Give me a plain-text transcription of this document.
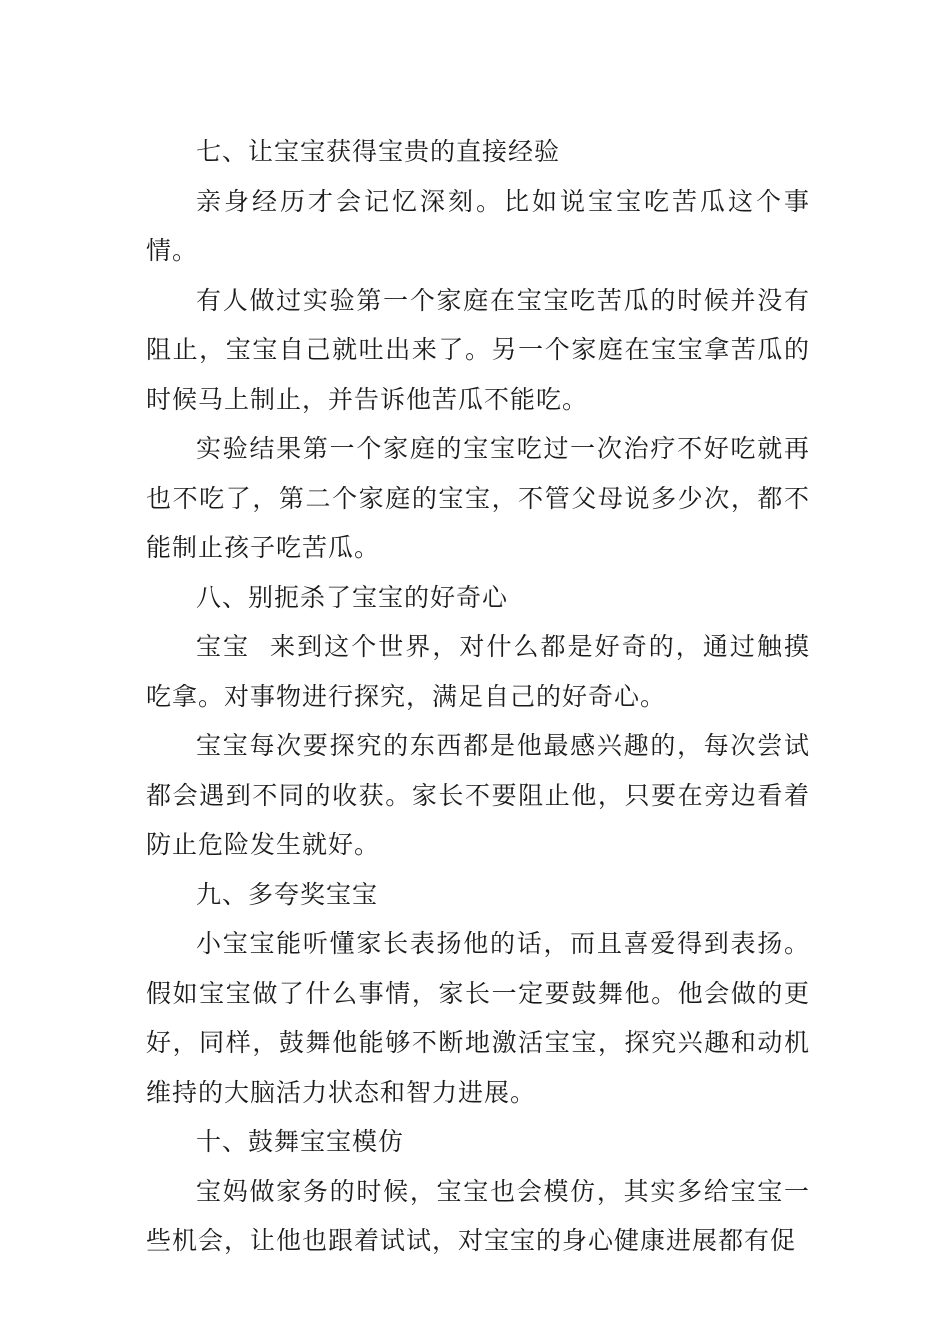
七、让宝宝获得宝贵的直接经验

亲身经历才会记忆深刻。比如说宝宝吃苦瓜这个事情。

有人做过实验第一个家庭在宝宝吃苦瓜的时候并没有阻止，宝宝自己就吐出来了。另一个家庭在宝宝拿苦瓜的时候马上制止，并告诉他苦瓜不能吃。

实验结果第一个家庭的宝宝吃过一次治疗不好吃就再也不吃了，第二个家庭的宝宝，不管父母说多少次，都不能制止孩子吃苦瓜。

八、别扼杀了宝宝的好奇心

宝宝  来到这个世界，对什么都是好奇的，通过触摸吃拿。对事物进行探究，满足自己的好奇心。

宝宝每次要探究的东西都是他最感兴趣的，每次尝试都会遇到不同的收获。家长不要阻止他，只要在旁边看着防止危险发生就好。

九、多夸奖宝宝

小宝宝能听懂家长表扬他的话，而且喜爱得到表扬。假如宝宝做了什么事情，家长一定要鼓舞他。他会做的更好，同样，鼓舞他能够不断地激活宝宝，探究兴趣和动机维持的大脑活力状态和智力进展。

十、鼓舞宝宝模仿

宝妈做家务的时候，宝宝也会模仿，其实多给宝宝一些机会，让他也跟着试试，对宝宝的身心健康进展都有促
